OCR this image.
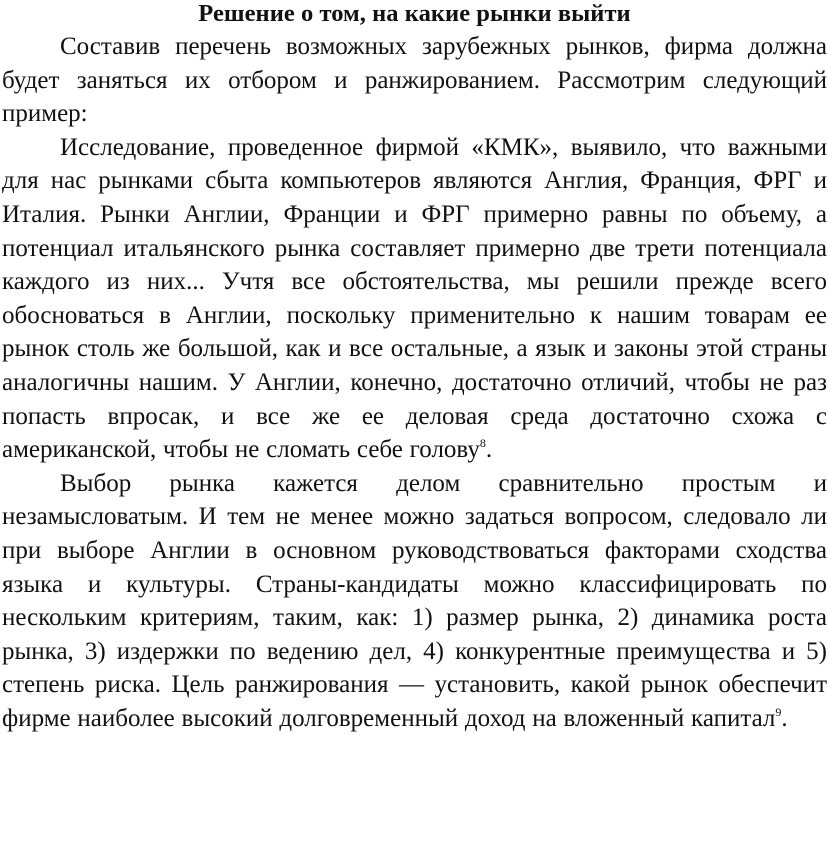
Решение о том, на какие рынки выйти

Составив перечень возможных зарубежных рынков, фирма должна будет заняться их отбором и ранжированием. Рассмотрим следующий пример:

Исследование, проведенное фирмой «КМК», выявило, что важными для нас рынками сбыта компьютеров являются Англия, Франция, ФРГ и Италия. Рынки Англии, Франции и ФРГ примерно равны по объему, а потенциал итальянского рынка составляет примерно две трети потенциала каждого из них... Учтя все обстоятельства, мы решили прежде всего обосноваться в Англии, поскольку применительно к нашим товарам ее рынок столь же большой, как и все остальные, а язык и законы этой страны аналогичны нашим. У Англии, конечно, достаточно отличий, чтобы не раз попасть впросак, и все же ее деловая среда достаточно схожа с американской, чтобы не сломать себе голову$^8$.

Выбор рынка кажется делом сравнительно простым и незамысловатым. И тем не менее можно задаться вопросом, следовало ли при выборе Англии в основном руководствоваться факторами сходства языка и культуры. Страны-кандидаты можно классифицировать по нескольким критериям, таким, как: 1) размер рынка, 2) динамика роста рынка, 3) издержки по ведению дел, 4) конкурентные преимущества и 5) степень риска. Цель ранжирования — установить, какой рынок обеспечит фирме наиболее высокий долговременный доход на вложенный капитал$^9$.
